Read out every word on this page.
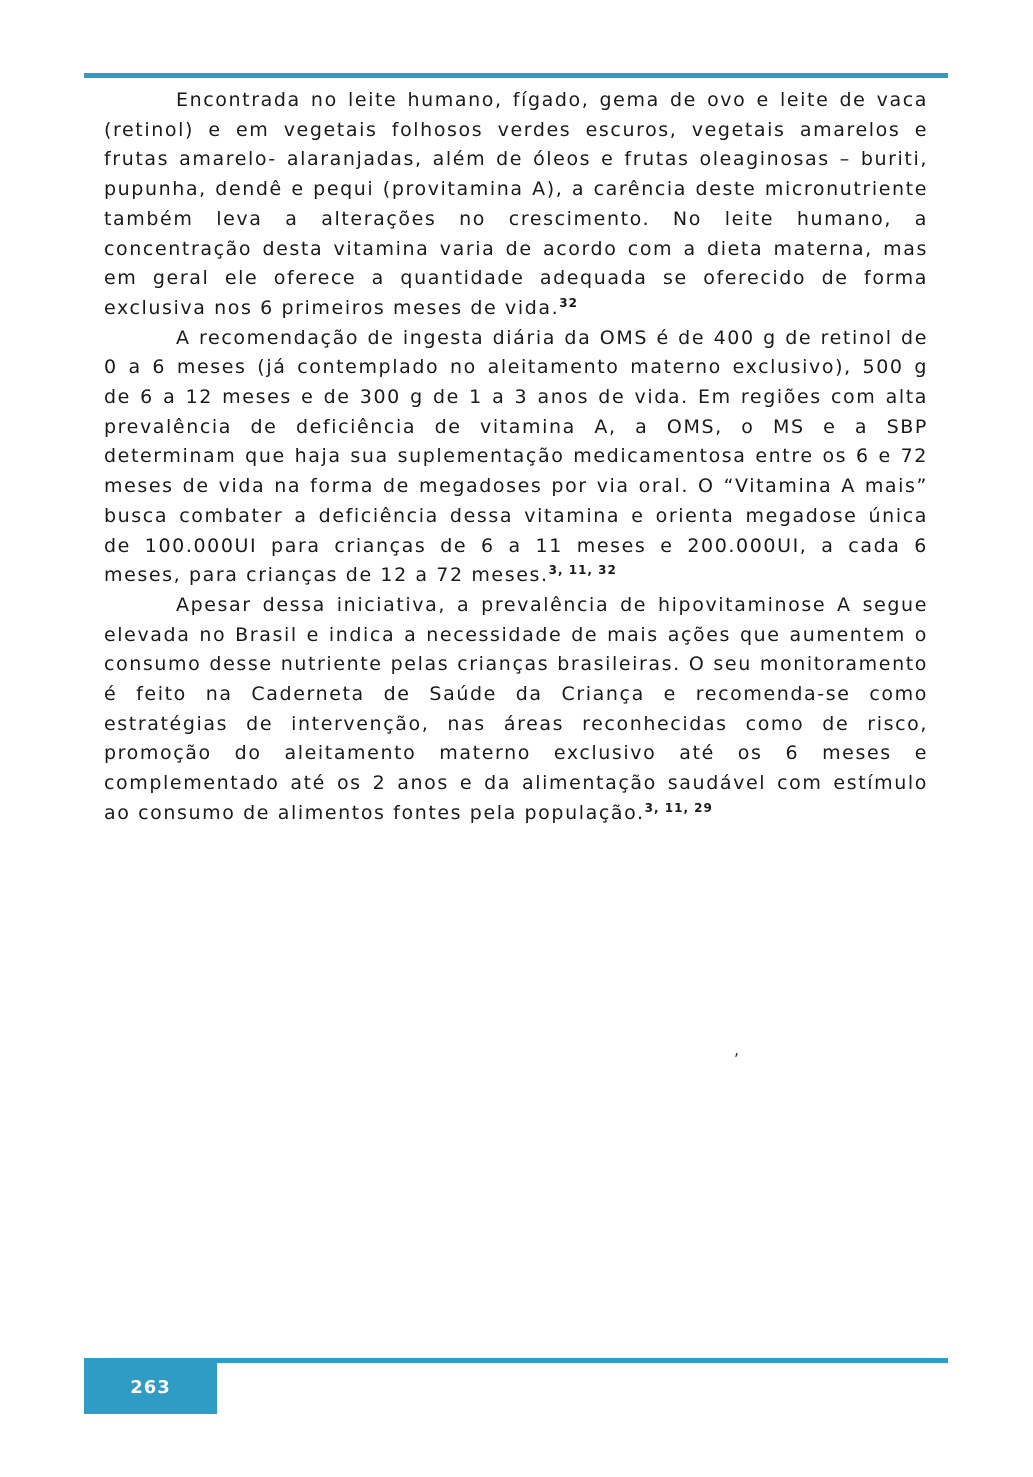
Encontrada no leite humano, fígado, gema de ovo e leite de vaca (retinol) e em vegetais folhosos verdes escuros, vegetais amarelos e frutas amarelo- alaranjadas, além de óleos e frutas oleaginosas – buriti, pupunha, dendê e pequi (provitamina A), a carência deste micronutriente também leva a alterações no crescimento. No leite humano, a concentração desta vitamina varia de acordo com a dieta materna, mas em geral ele oferece a quantidade adequada se oferecido de forma exclusiva nos 6 primeiros meses de vida.$^{32}$

A recomendação de ingesta diária da OMS é de 400 g de retinol de 0 a 6 meses (já contemplado no aleitamento materno exclusivo), 500 g de 6 a 12 meses e de 300 g de 1 a 3 anos de vida. Em regiões com alta prevalência de deficiência de vitamina A, a OMS, o MS e a SBP determinam que haja sua suplementação medicamentosa entre os 6 e 72 meses de vida na forma de megadoses por via oral. O “Vitamina A mais” busca combater a deficiência dessa vitamina e orienta megadose única de 100.000UI para crianças de 6 a 11 meses e 200.000UI, a cada 6 meses, para crianças de 12 a 72 meses.$^{3, 11, 32}$

Apesar dessa iniciativa, a prevalência de hipovitaminose A segue elevada no Brasil e indica a necessidade de mais ações que aumentem o consumo desse nutriente pelas crianças brasileiras. O seu monitoramento é feito na Caderneta de Saúde da Criança e recomenda-se como estratégias de intervenção, nas áreas reconhecidas como de risco, promoção do aleitamento materno exclusivo até os 6 meses e complementado até os 2 anos e da alimentação saudável com estímulo ao consumo de alimentos fontes pela população.$^{3, 11, 29}$

,
263
